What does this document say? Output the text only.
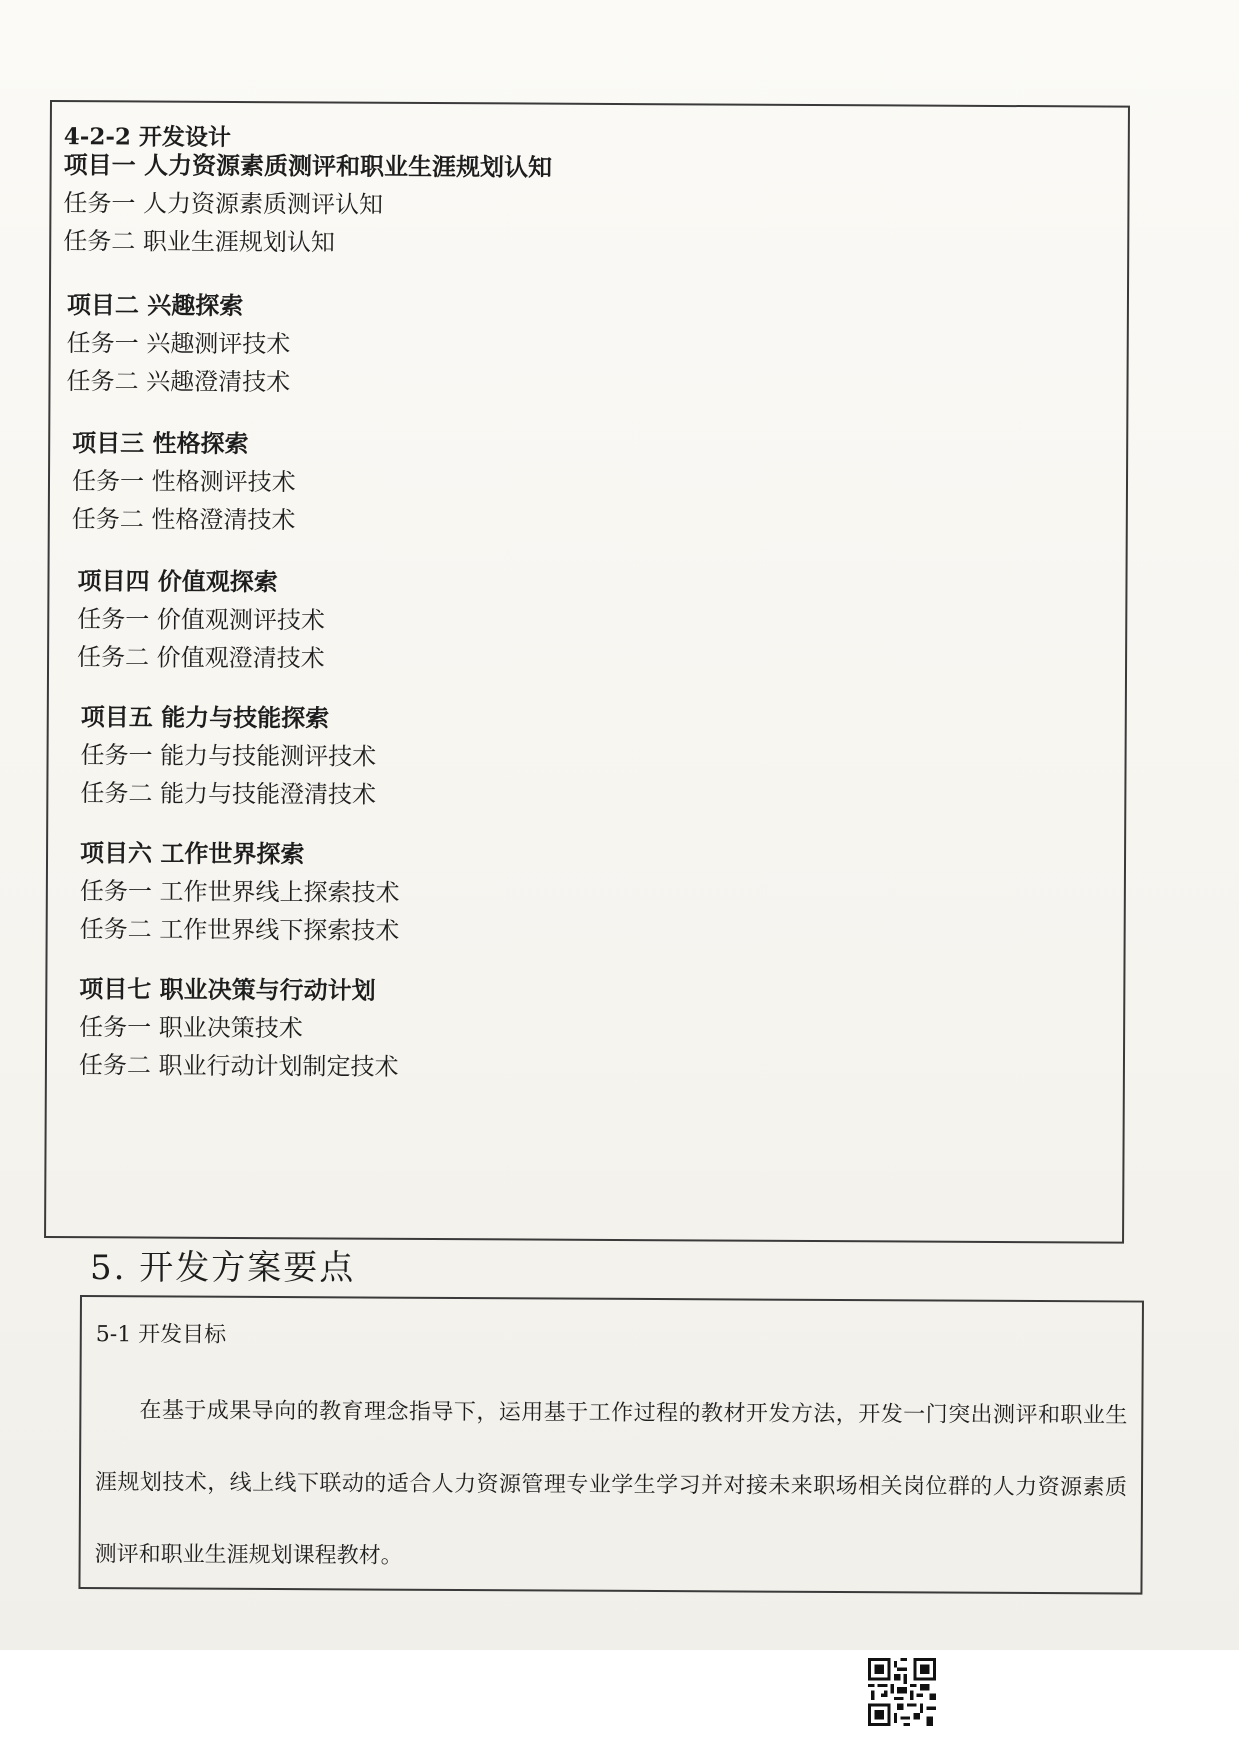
4-2-2 开发设计
项目一 人力资源素质测评和职业生涯规划认知
任务一 人力资源素质测评认知
任务二 职业生涯规划认知
项目二 兴趣探索
任务一 兴趣测评技术
任务二 兴趣澄清技术
项目三 性格探索
任务一 性格测评技术
任务二 性格澄清技术
项目四 价值观探索
任务一 价值观测评技术
任务二 价值观澄清技术
项目五 能力与技能探索
任务一 能力与技能测评技术
任务二 能力与技能澄清技术
项目六 工作世界探索
任务一 工作世界线上探索技术
任务二 工作世界线下探索技术
项目七 职业决策与行动计划
任务一 职业决策技术
任务二 职业行动计划制定技术
5. 开发方案要点
5-1 开发目标
在基于成果导向的教育理念指导下，运用基于工作过程的教材开发方法，开发一门突出测评和职业生涯规划技术，线上线下联动的适合人力资源管理专业学生学习并对接未来职场相关岗位群的人力资源素质测评和职业生涯规划课程教材。
